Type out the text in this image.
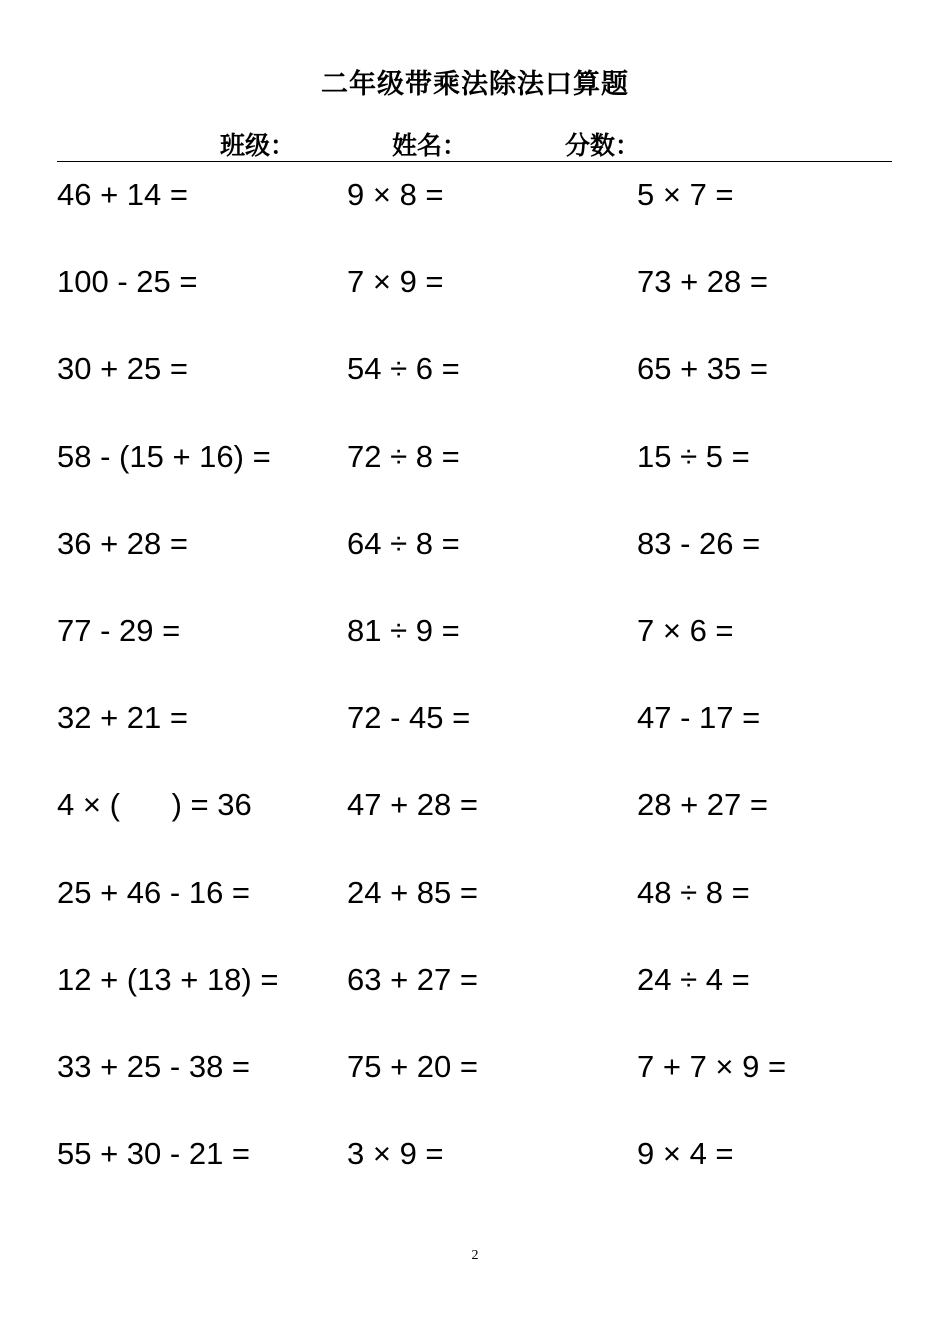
二年级带乘法除法口算题
班级：	姓名：	分数：
46 + 14 =	9 × 8 =	5 × 7 =
100 - 25 =	7 × 9 =	73 + 28 =
30 + 25 =	54 ÷ 6 =	65 + 35 =
58 - (15 + 16) =	72 ÷ 8 =	15 ÷ 5 =
36 + 28 =	64 ÷ 8 =	83 - 26 =
77 - 29 =	81 ÷ 9 =	7 × 6 =
32 + 21 =	72 - 45 =	47 - 17 =
4 × (      ) = 36	47 + 28 =	28 + 27 =
25 + 46 - 16 =	24 + 85 =	48 ÷ 8 =
12 + (13 + 18) =	63 + 27 =	24 ÷ 4 =
33 + 25 - 38 =	75 + 20 =	7 + 7 × 9 =
55 + 30 - 21 =	3 × 9 =	9 × 4 =
2
